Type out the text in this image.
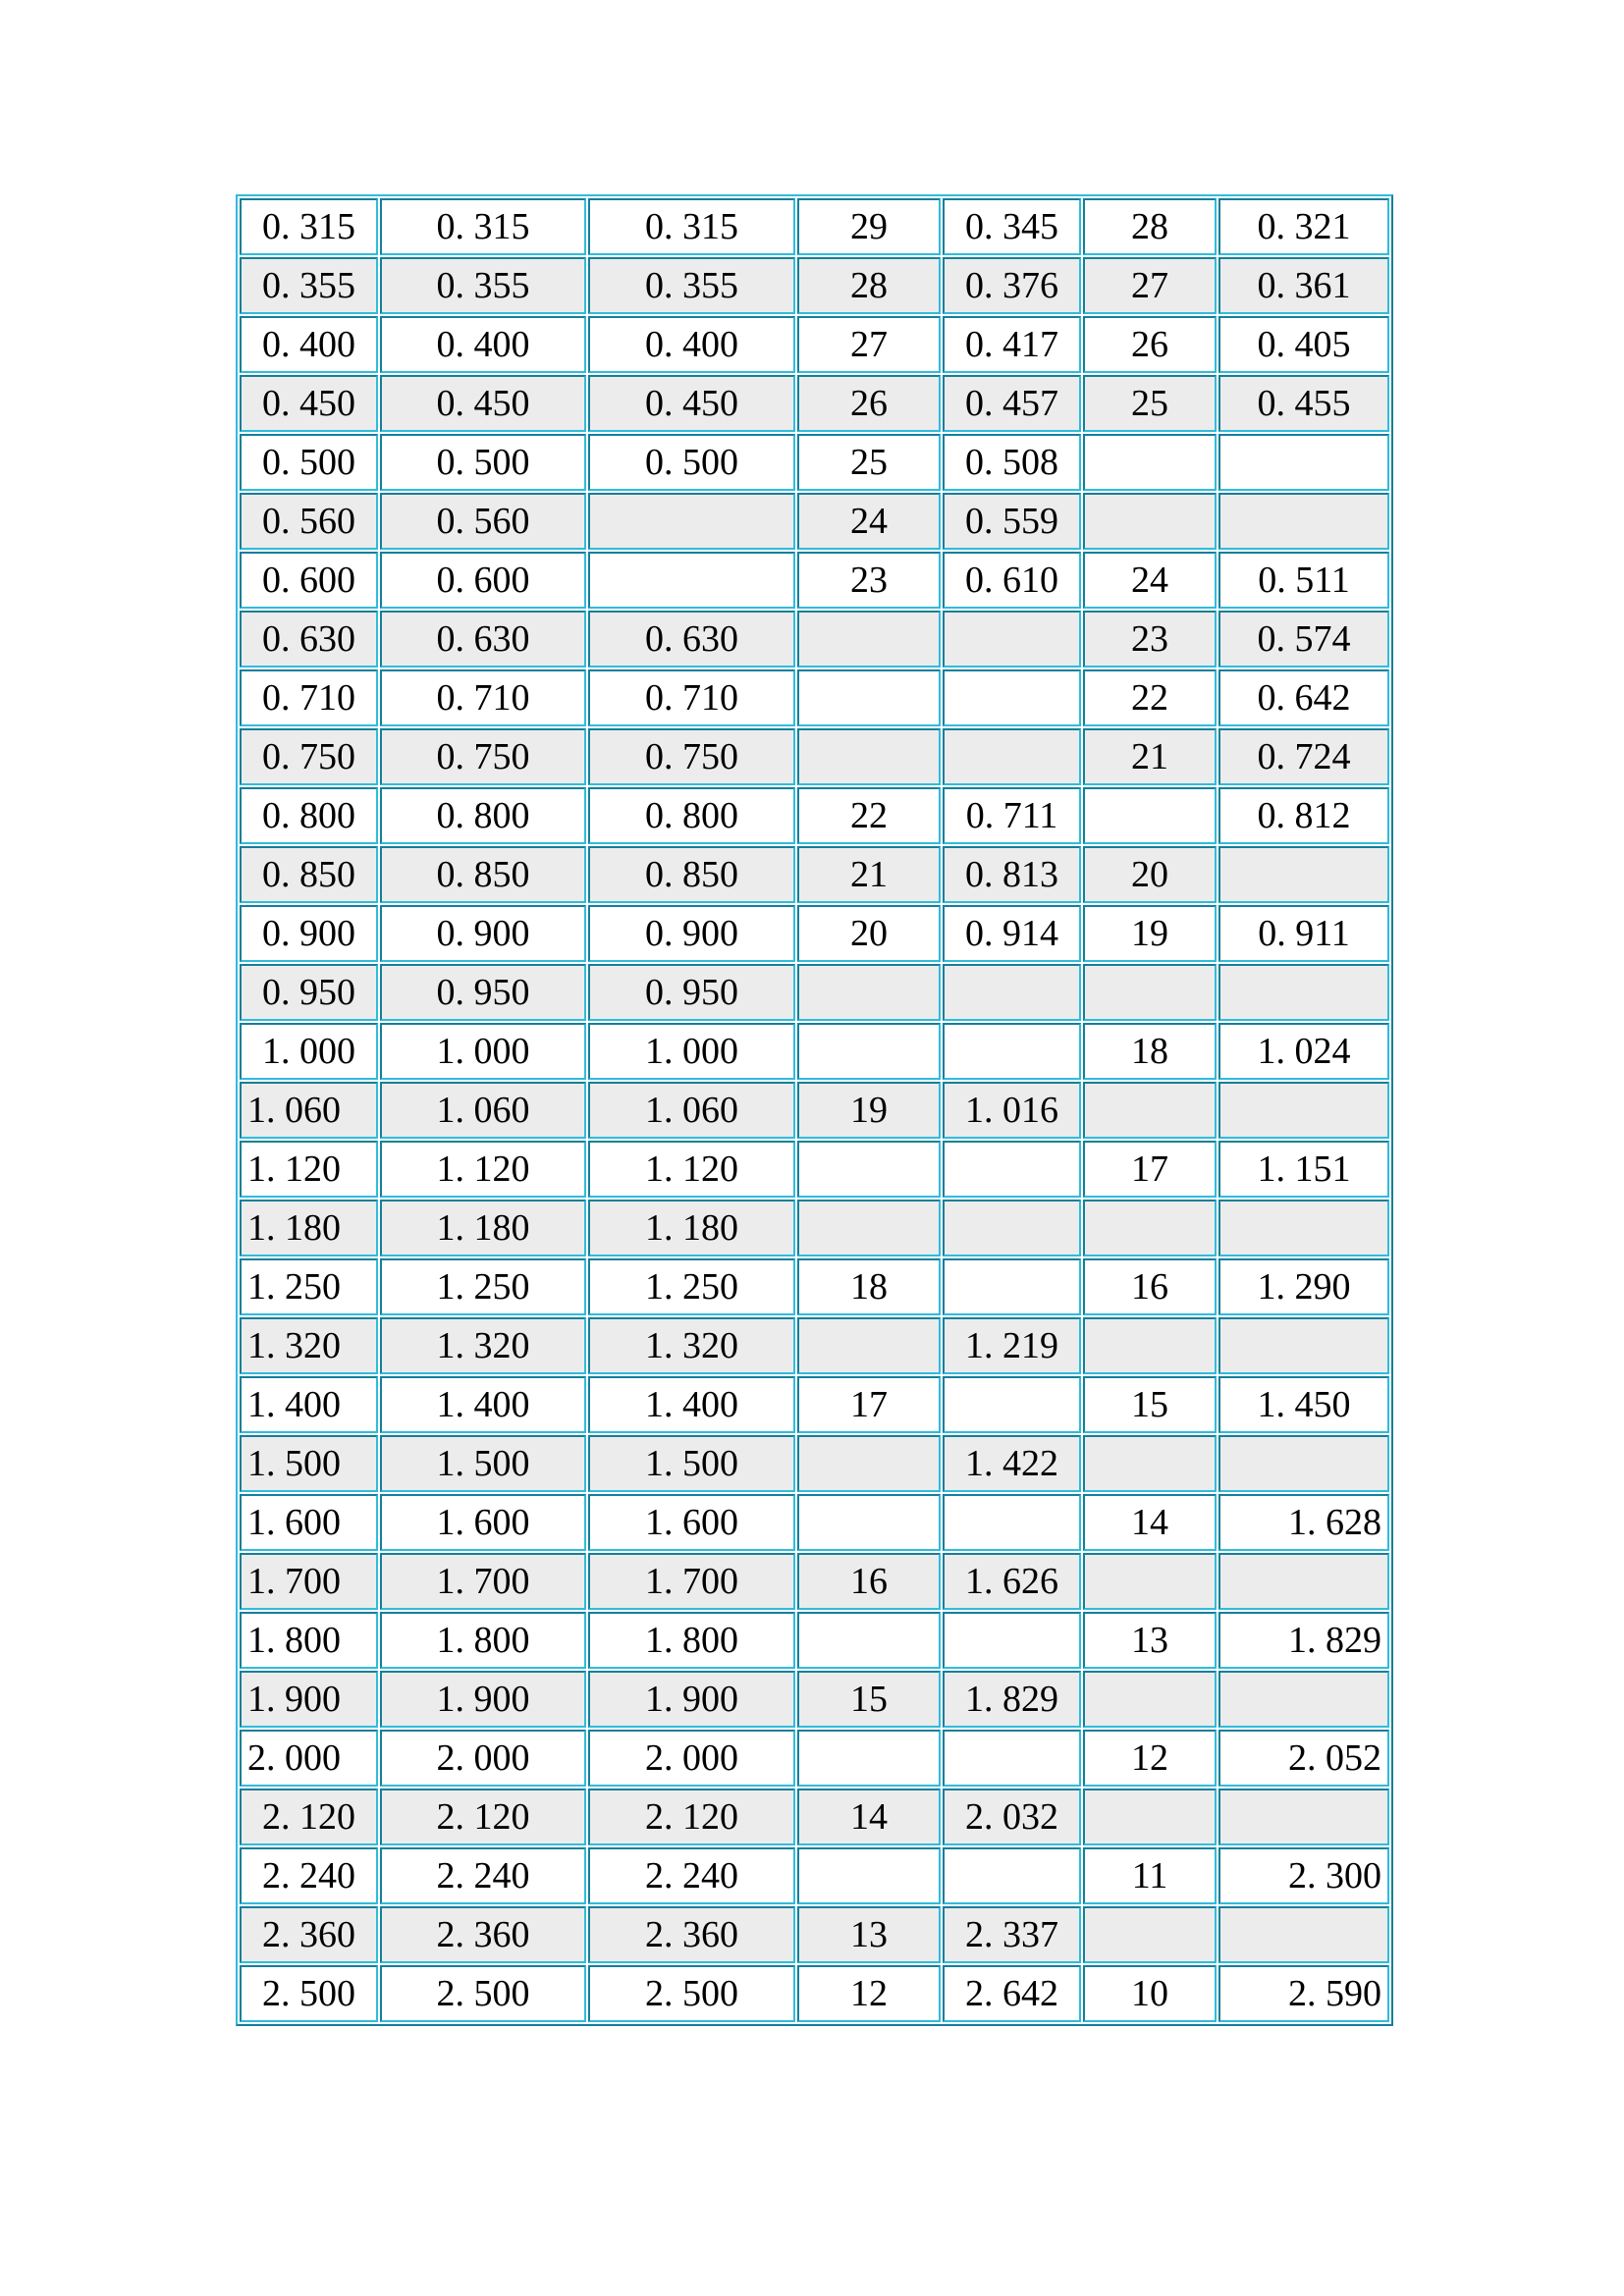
0. 315	0. 315	0. 315	29	0. 345	28	0. 321
0. 355	0. 355	0. 355	28	0. 376	27	0. 361
0. 400	0. 400	0. 400	27	0. 417	26	0. 405
0. 450	0. 450	0. 450	26	0. 457	25	0. 455
0. 500	0. 500	0. 500	25	0. 508		
0. 560	0. 560		24	0. 559		
0. 600	0. 600		23	0. 610	24	0. 511
0. 630	0. 630	0. 630			23	0. 574
0. 710	0. 710	0. 710			22	0. 642
0. 750	0. 750	0. 750			21	0. 724
0. 800	0. 800	0. 800	22	0. 711		0. 812
0. 850	0. 850	0. 850	21	0. 813	20	
0. 900	0. 900	0. 900	20	0. 914	19	0. 911
0. 950	0. 950	0. 950				
1. 000	1. 000	1. 000			18	1. 024
1. 060	1. 060	1. 060	19	1. 016		
1. 120	1. 120	1. 120			17	1. 151
1. 180	1. 180	1. 180				
1. 250	1. 250	1. 250	18		16	1. 290
1. 320	1. 320	1. 320		1. 219		
1. 400	1. 400	1. 400	17		15	1. 450
1. 500	1. 500	1. 500		1. 422		
1. 600	1. 600	1. 600			14	1. 628
1. 700	1. 700	1. 700	16	1. 626		
1. 800	1. 800	1. 800			13	1. 829
1. 900	1. 900	1. 900	15	1. 829		
2. 000	2. 000	2. 000			12	2. 052
2. 120	2. 120	2. 120	14	2. 032		
2. 240	2. 240	2. 240			11	2. 300
2. 360	2. 360	2. 360	13	2. 337		
2. 500	2. 500	2. 500	12	2. 642	10	2. 590
